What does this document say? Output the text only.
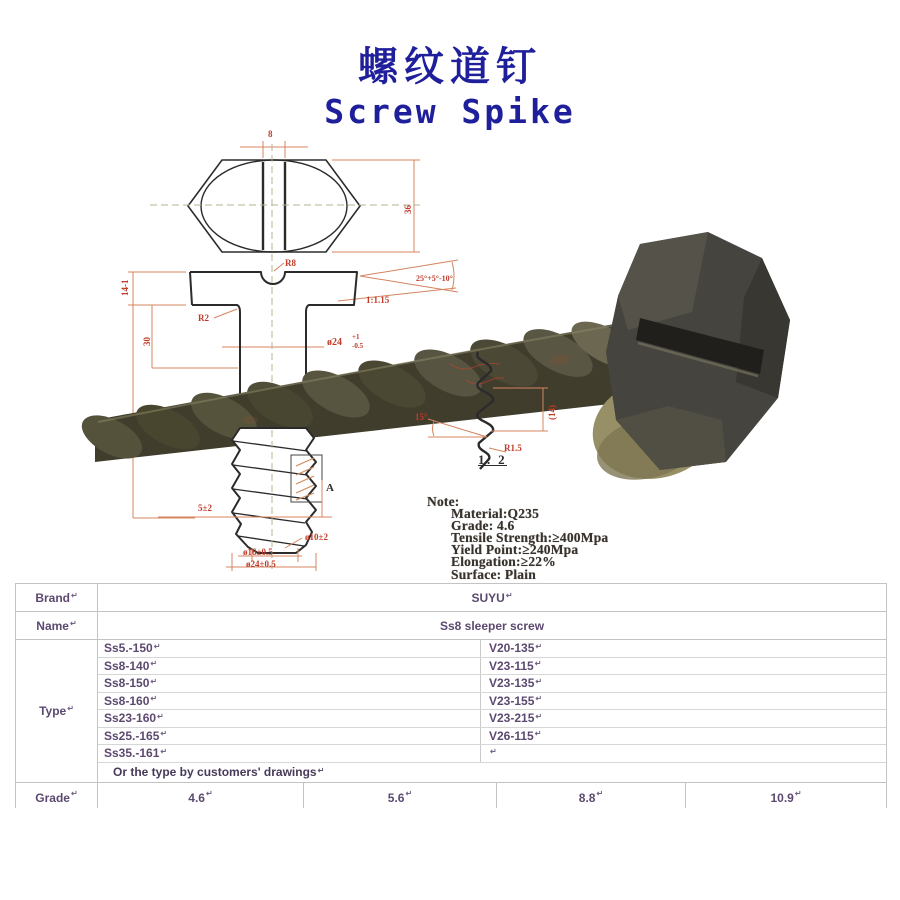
螺纹道钉
Screw Spike
8
36
R8
R2
ø24 +1
-0.5
1:1.15
25°+5°-10°
14-1
30
15°
R1.5
(14)
1: 2
5±2
A
ø10±2
ø16±0.5
ø24±0.5
Note:
Material:Q235
Grade: 4.6
Tensile Strength:≥400Mpa
Yield Point:≥240Mpa
Elongation:≥22%
Surface: Plain
Brand ↵	SUYU ↵
Name ↵	Ss8 sleeper screw
Type ↵
Ss5.-150 ↵	V20-135 ↵
Ss8-140 ↵	V23-115 ↵
Ss8-150 ↵	V23-135 ↵
Ss8-160 ↵	V23-155 ↵
Ss23-160 ↵	V23-215 ↵
Ss25.-165 ↵	V26-115 ↵
Ss35.-161 ↵	↵
Or the type by customers' drawings ↵
Grade ↵	4.6 ↵	5.6 ↵	8.8 ↵	10.9 ↵
